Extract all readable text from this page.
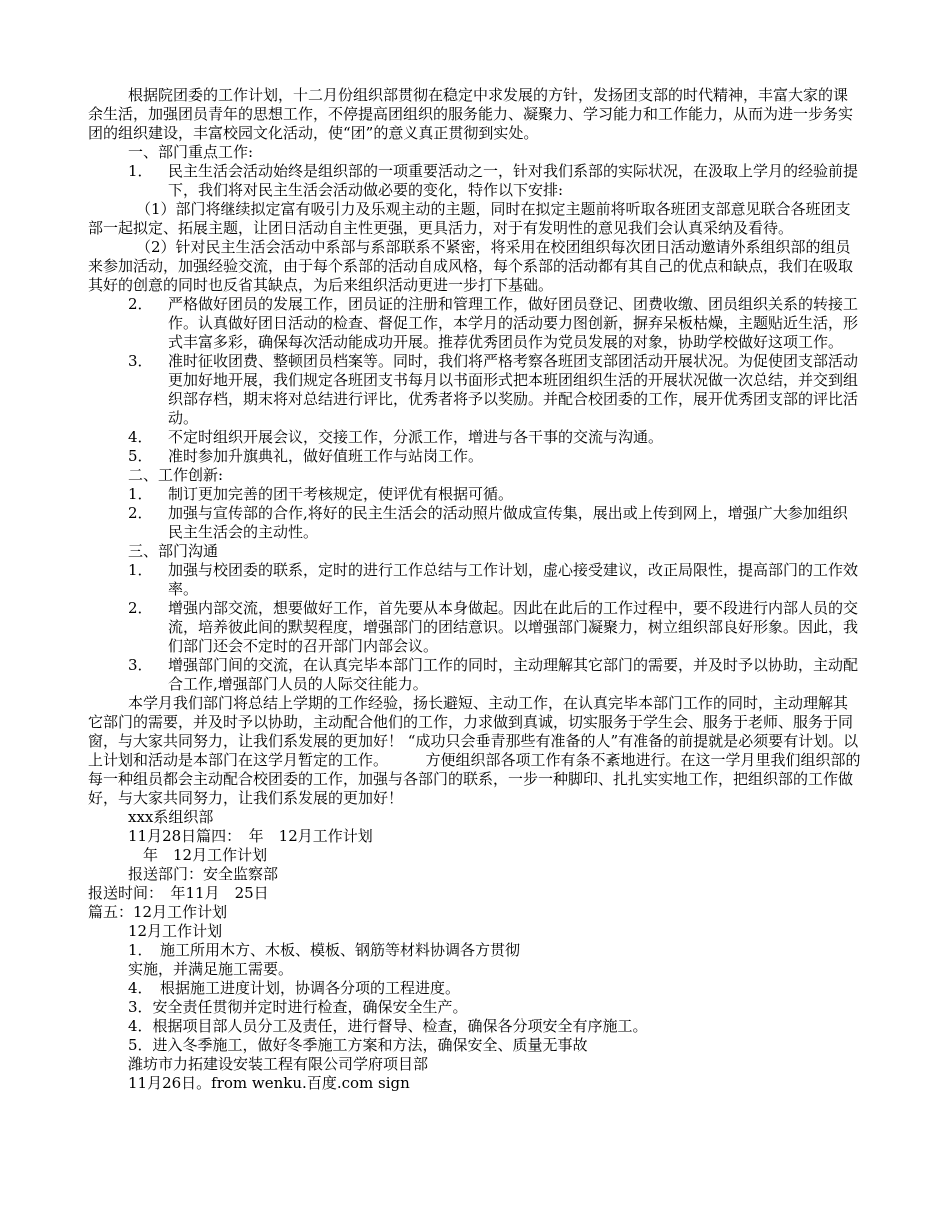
根据院团委的工作计划，十二月份组织部贯彻在稳定中求发展的方针，发扬团支部的时代精神，丰富大家的课余生活，加强团员青年的思想工作，不停提高团组织的服务能力、凝聚力、学习能力和工作能力，从而为进一步务实团的组织建设，丰富校园文化活动，使“团”的意义真正贯彻到实处。

一、部门重点工作:

1．	民主生活会活动始终是组织部的一项重要活动之一，针对我们系部的实际状况，在汲取上学月的经验前提下，我们将对民主生活会活动做必要的变化，特作以下安排:

（1）部门将继续拟定富有吸引力及乐观主动的主题，同时在拟定主题前将听取各班团支部意见联合各班团支部一起拟定、拓展主题，让团日活动自主性更强，更具活力，对于有发明性的意见我们会认真采纳及看待。

（2）针对民主生活会活动中系部与系部联系不紧密，将采用在校团组织每次团日活动邀请外系组织部的组员来参加活动，加强经验交流，由于每个系部的活动自成风格，每个系部的活动都有其自己的优点和缺点，我们在吸取其好的创意的同时也反省其缺点，为后来组织活动更进一步打下基础。

2．	严格做好团员的发展工作，团员证的注册和管理工作，做好团员登记、团费收缴、团员组织关系的转接工作。认真做好团日活动的检查、督促工作，本学月的活动要力图创新，摒弃呆板枯燥，主题贴近生活，形式丰富多彩，确保每次活动能成功开展。推荐优秀团员作为党员发展的对象，协助学校做好这项工作。
3．	准时征收团费、整顿团员档案等。同时，我们将严格考察各班团支部团活动开展状况。为促使团支部活动更加好地开展，我们规定各班团支书每月以书面形式把本班团组织生活的开展状况做一次总结，并交到组织部存档，期末将对总结进行评比，优秀者将予以奖励。并配合校团委的工作，展开优秀团支部的评比活动。
4．	不定时组织开展会议，交接工作，分派工作，增进与各干事的交流与沟通。
5．	准时参加升旗典礼，做好值班工作与站岗工作。

二、工作创新:

1．	制订更加完善的团干考核规定，使评优有根据可循。
2．	加强与宣传部的合作,将好的民主生活会的活动照片做成宣传集，展出或上传到网上，增强广大参加组织民主生活会的主动性。

三、部门沟通

1．	加强与校团委的联系，定时的进行工作总结与工作计划，虚心接受建议，改正局限性，提高部门的工作效率。
2．	增强内部交流，想要做好工作，首先要从本身做起。因此在此后的工作过程中，要不段进行内部人员的交流，培养彼此间的默契程度，增强部门的团结意识。以增强部门凝聚力，树立组织部良好形象。因此，我们部门还会不定时的召开部门内部会议。
3．	增强部门间的交流，在认真完毕本部门工作的同时，主动理解其它部门的需要，并及时予以协助，主动配合工作,增强部门人员的人际交往能力。

本学月我们部门将总结上学期的工作经验，扬长避短、主动工作，在认真完毕本部门工作的同时，主动理解其它部门的需要，并及时予以协助，主动配合他们的工作，力求做到真诚，切实服务于学生会、服务于老师、服务于同窗，与大家共同努力，让我们系发展的更加好！ “成功只会垂青那些有准备的人”有准备的前提就是必须要有计划。以上计划和活动是本部门在这学月暂定的工作。　　　方便组织部各项工作有条不紊地进行。在这一学月里我们组织部的每一种组员都会主动配合校团委的工作，加强与各部门的联系，一步一种脚印、扎扎实实地工作，把组织部的工作做好，与大家共同努力，让我们系发展的更加好！

xxx系组织部

11月28日篇四：　年　12月工作计划

　年　12月工作计划

报送部门：安全监察部

报送时间：　年11月　25日

篇五：12月工作计划

12月工作计划

1．　施工所用木方、木板、模板、钢筋等材料协调各方贯彻

实施，并满足施工需要。

4．　根据施工进度计划，协调各分项的工程进度。

3．安全责任贯彻并定时进行检查，确保安全生产。

4．根据项目部人员分工及责任，进行督导、检查，确保各分项安全有序施工。

5．进入冬季施工，做好冬季施工方案和方法，确保安全、质量无事故

潍坊市力拓建设安装工程有限公司学府项目部

11月26日。from wenku.百度.com sign
